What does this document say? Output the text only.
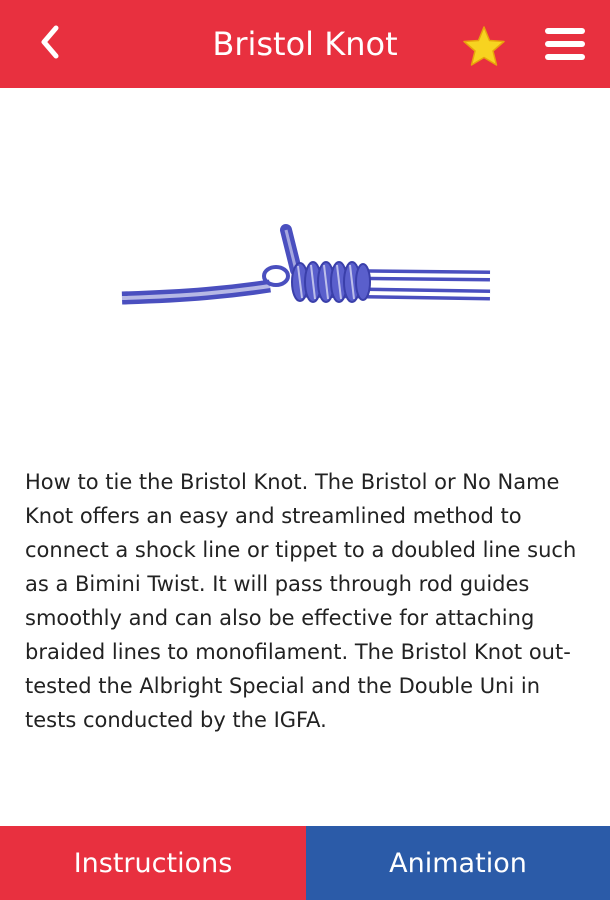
Bristol Knot

How to tie the Bristol Knot. The Bristol or No Name Knot offers an easy and streamlined method to connect a shock line or tippet to a doubled line such as a Bimini Twist. It will pass through rod guides smoothly and can also be effective for attaching braided lines to monofilament. The Bristol Knot out-tested the Albright Special and the Double Uni in tests conducted by the IGFA.

Instructions	Animation
